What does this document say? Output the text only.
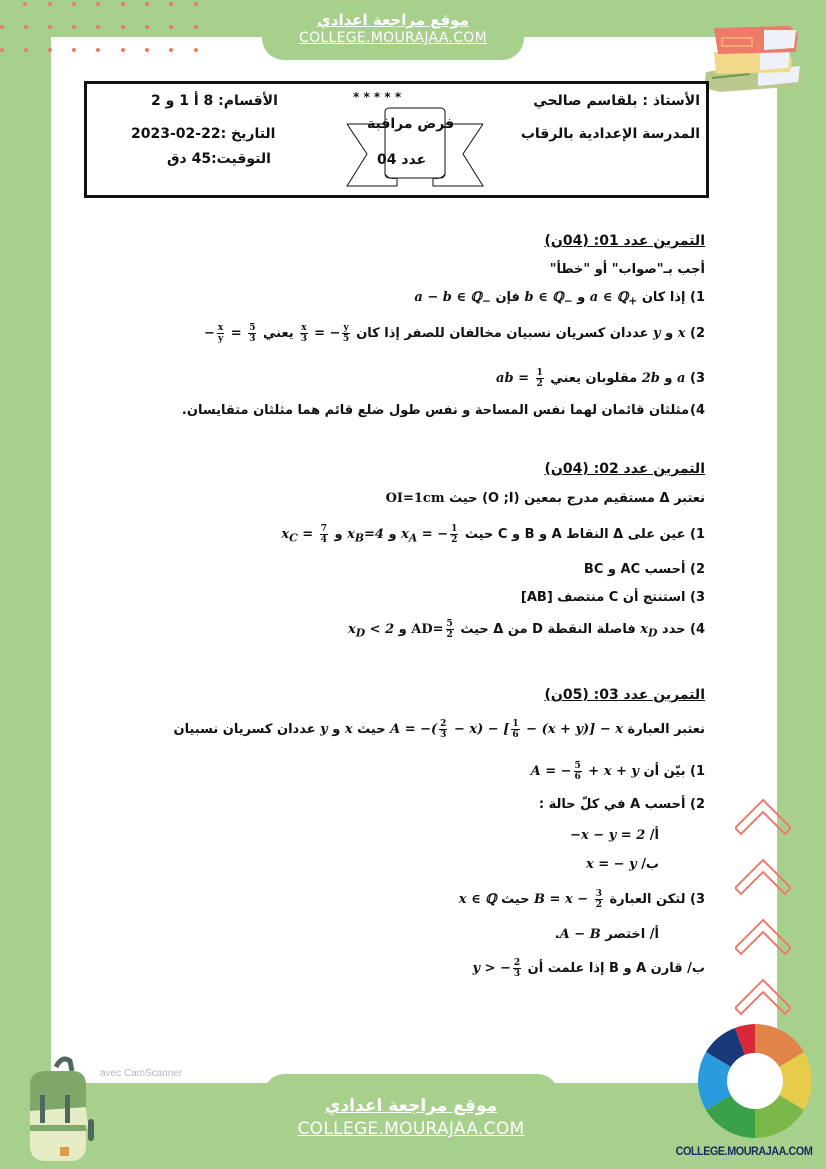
موقع مراجعة اعدادي
COLLEGE.MOURAJAA.COM
الأستاذ : بلقاسم صالحي
المدرسة الإعدادية بالرقاب
* * * * *
فرض مراقبة
عدد 04
الأقسام: 8 أ 1 و 2
التاريخ :22-02-2023
التوقيت:45 دق
التمرين عدد 01: (04ن)
أجب بـ"صواب" أو "خطأ"
1) إذا كان a ∈ ℚ$_+$ و b ∈ ℚ$_-$ فإن a − b ∈ ℚ$_-$
2) x و y عددان كسريان نسبيان مخالفان للصفر إذا كان
$\frac{x}{3}$ = − $\frac{y}{5}$
يعني − $\frac{x}{y} = \frac{5}{3}$
3) a و 2b مقلوبان يعني ab = $\frac{1}{2}$
4)
مثلثان قائمان لهما نفس المساحة و نفس طول ضلع قائم هما مثلثان متقايسان.
التمرين عدد 02: (04ن)
نعتبر Δ مستقيم مدرج بمعين (O ;I) حيث OI=1cm
1) عين على Δ النقاط A و B و C حيث $x_A$ = − $\frac{1}{2}$
و $x_B=4$ و $x_C = \frac{7}{4}$
2) أحسب AC و BC
3) استنتج أن C منتصف [AB]
4) حدد $x_D$ فاصلة النقطة D من Δ حيث $AD= \frac{5}{2}$
و $x_D < 2$
التمرين عدد 03: (05ن)
نعتبر العبارة A = −( $\frac{2}{3} - x$) − [ $\frac{1}{6} - (x + y)] - x$ حيث x و y عددان كسريان نسبيان
1) بيّن أن A = − $\frac{5}{6} + x + y$
2) أحسب A في كلّ حالة :
أ/ −x − y = 2
ب/ x = − y
3) لتكن العبارة $B = x - \frac{3}{2}$
حيث x ∈ ℚ
أ/ اختصر A − B.
ب/ قارن A و B إذا علمت أن y > − $\frac{2}{3}$
موقع مراجعة اعدادي
COLLEGE.MOURAJAA.COM
avec CamScanner
COLLEGE.MOURAJAA.COM
